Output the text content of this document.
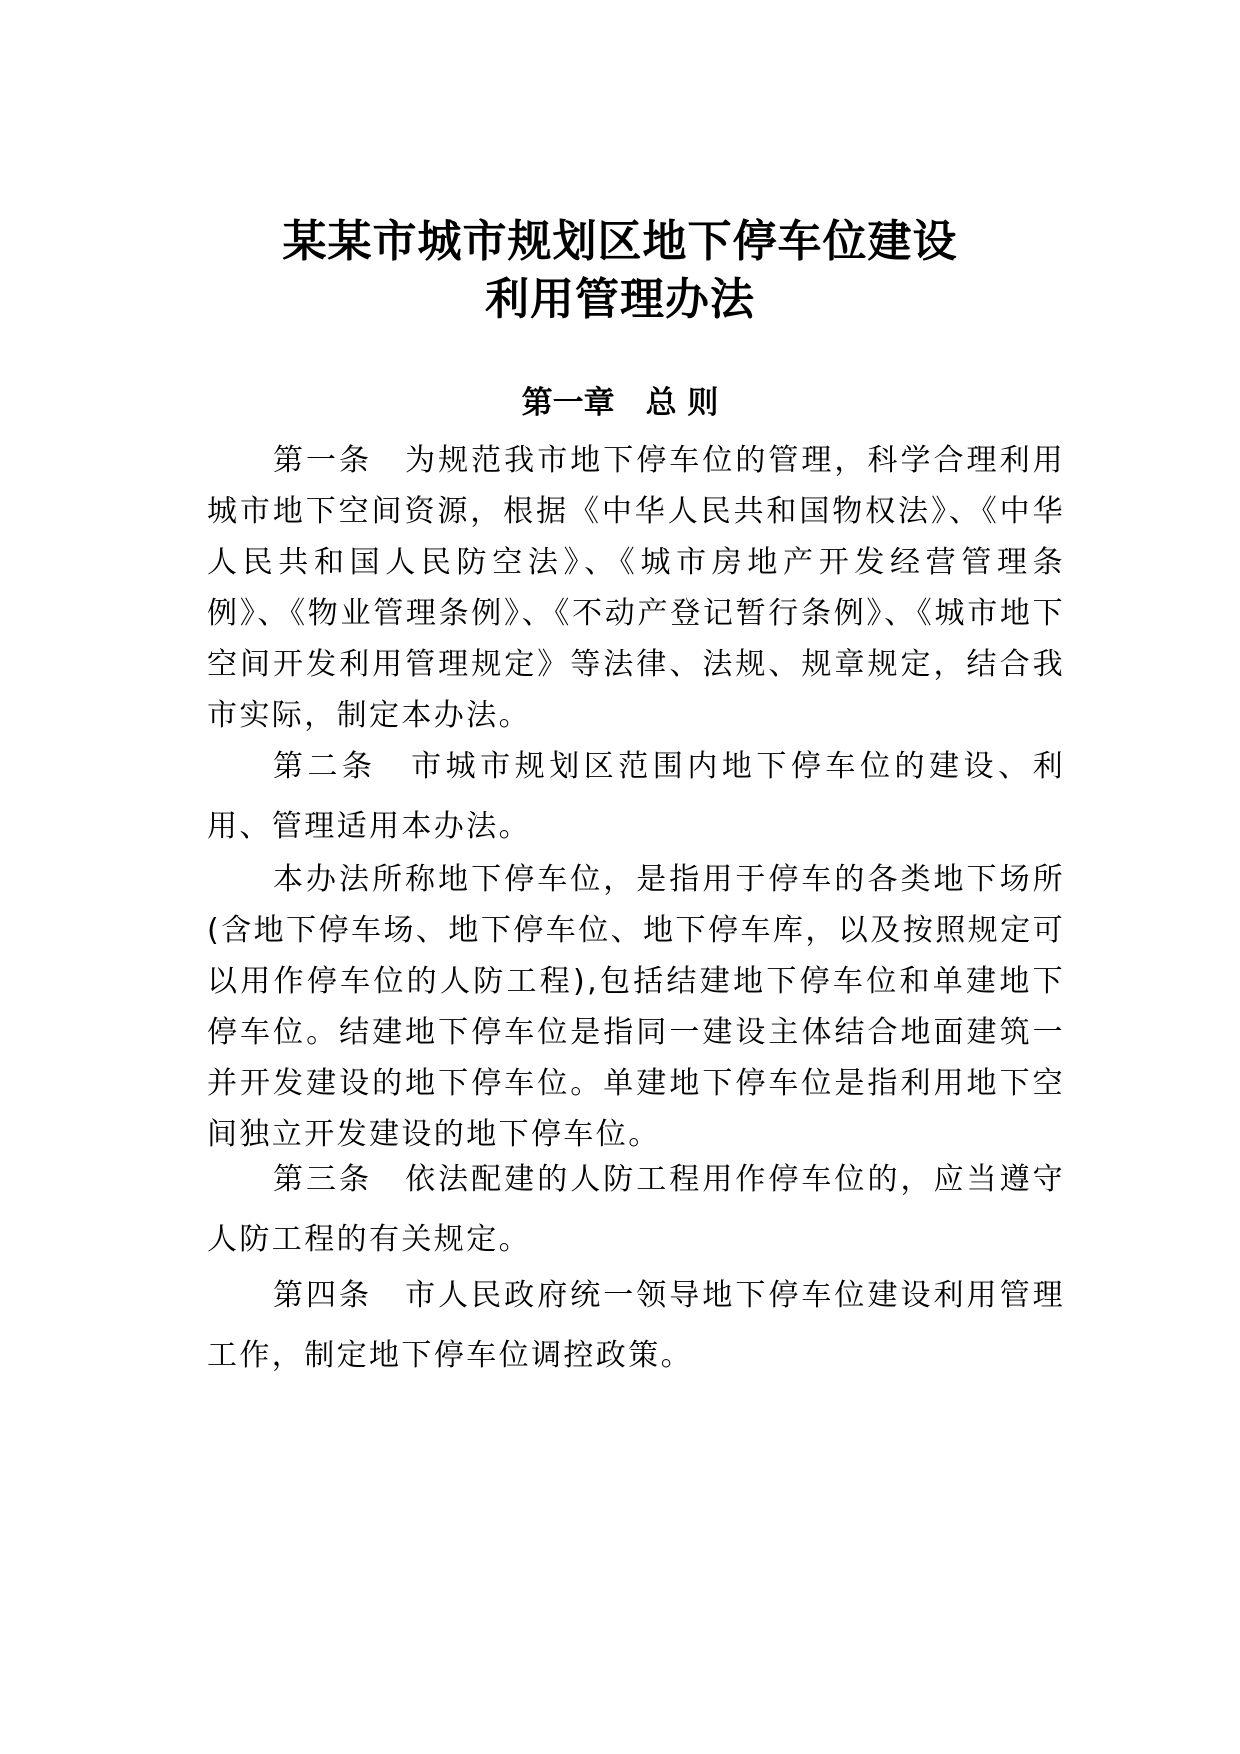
某某市城市规划区地下停车位建设
利用管理办法
第一章　总 则

第一条　为规范我市地下停车位的管理，科学合理利用城市地下空间资源，根据《中华人民共和国物权法》、《中华人民共和国人民防空法》、《城市房地产开发经营管理条例》、《物业管理条例》、《不动产登记暂行条例》、《城市地下空间开发利用管理规定》等法律、法规、规章规定，结合我市实际，制定本办法。

第二条　市城市规划区范围内地下停车位的建设、利用、管理适用本办法。

本办法所称地下停车位，是指用于停车的各类地下场所(含地下停车场、地下停车位、地下停车库，以及按照规定可以用作停车位的人防工程),包括结建地下停车位和单建地下停车位。结建地下停车位是指同一建设主体结合地面建筑一并开发建设的地下停车位。单建地下停车位是指利用地下空间独立开发建设的地下停车位。

第三条　依法配建的人防工程用作停车位的，应当遵守人防工程的有关规定。

第四条　市人民政府统一领导地下停车位建设利用管理工作，制定地下停车位调控政策。
